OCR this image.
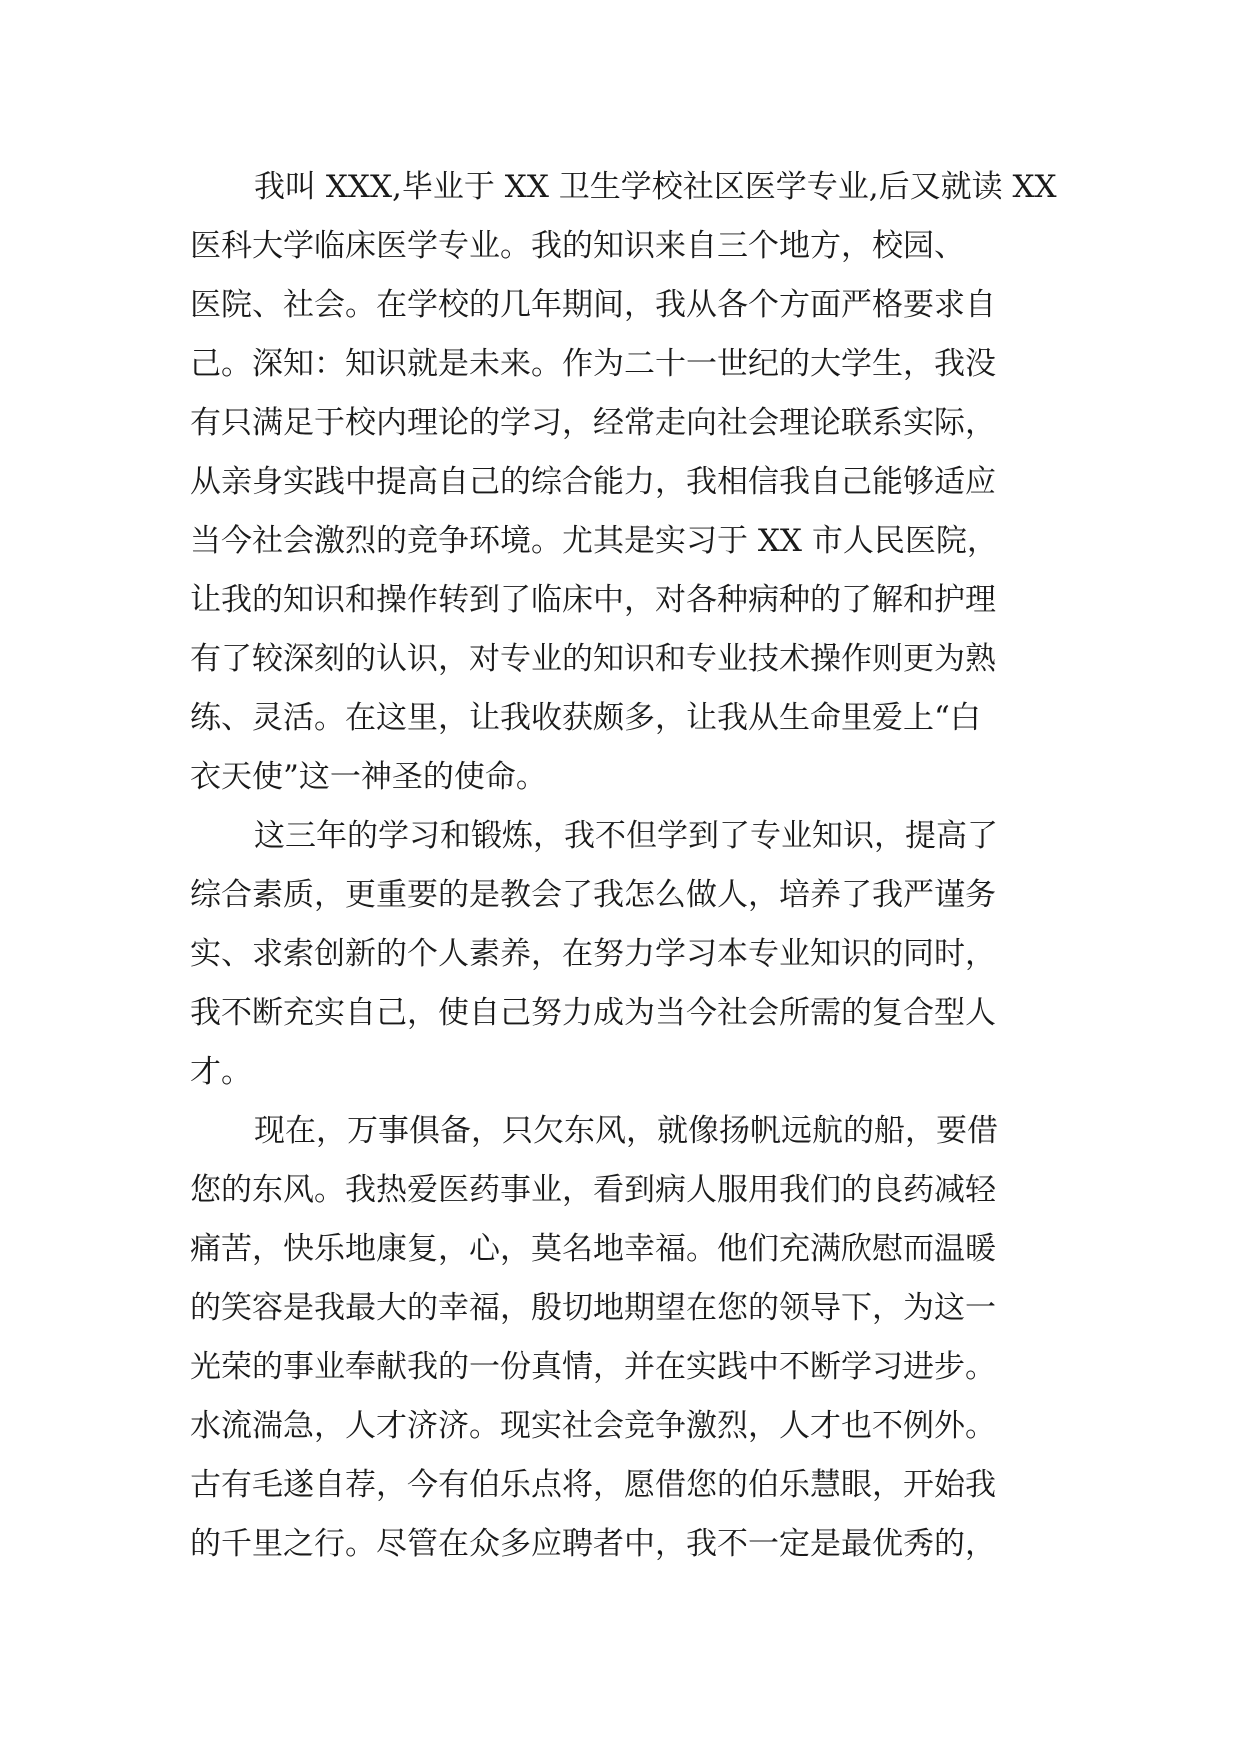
我叫 XXX,毕业于 XX 卫生学校社区医学专业,后又就读 XX
医科大学临床医学专业。我的知识来自三个地方，校园、
医院、社会。在学校的几年期间，我从各个方面严格要求自
己。深知：知识就是未来。作为二十一世纪的大学生，我没
有只满足于校内理论的学习，经常走向社会理论联系实际，
从亲身实践中提高自己的综合能力，我相信我自己能够适应
当今社会激烈的竞争环境。尤其是实习于 XX 市人民医院，
让我的知识和操作转到了临床中，对各种病种的了解和护理
有了较深刻的认识，对专业的知识和专业技术操作则更为熟
练、灵活。在这里，让我收获颇多，让我从生命里爱上“白
衣天使”这一神圣的使命。
这三年的学习和锻炼，我不但学到了专业知识，提高了
综合素质，更重要的是教会了我怎么做人，培养了我严谨务
实、求索创新的个人素养，在努力学习本专业知识的同时，
我不断充实自己，使自己努力成为当今社会所需的复合型人
才。
现在，万事俱备，只欠东风，就像扬帆远航的船，要借
您的东风。我热爱医药事业，看到病人服用我们的良药减轻
痛苦，快乐地康复，心，莫名地幸福。他们充满欣慰而温暖
的笑容是我最大的幸福，殷切地期望在您的领导下，为这一
光荣的事业奉献我的一份真情，并在实践中不断学习进步。
水流湍急，人才济济。现实社会竞争激烈，人才也不例外。
古有毛遂自荐，今有伯乐点将，愿借您的伯乐慧眼，开始我
的千里之行。尽管在众多应聘者中，我不一定是最优秀的，
